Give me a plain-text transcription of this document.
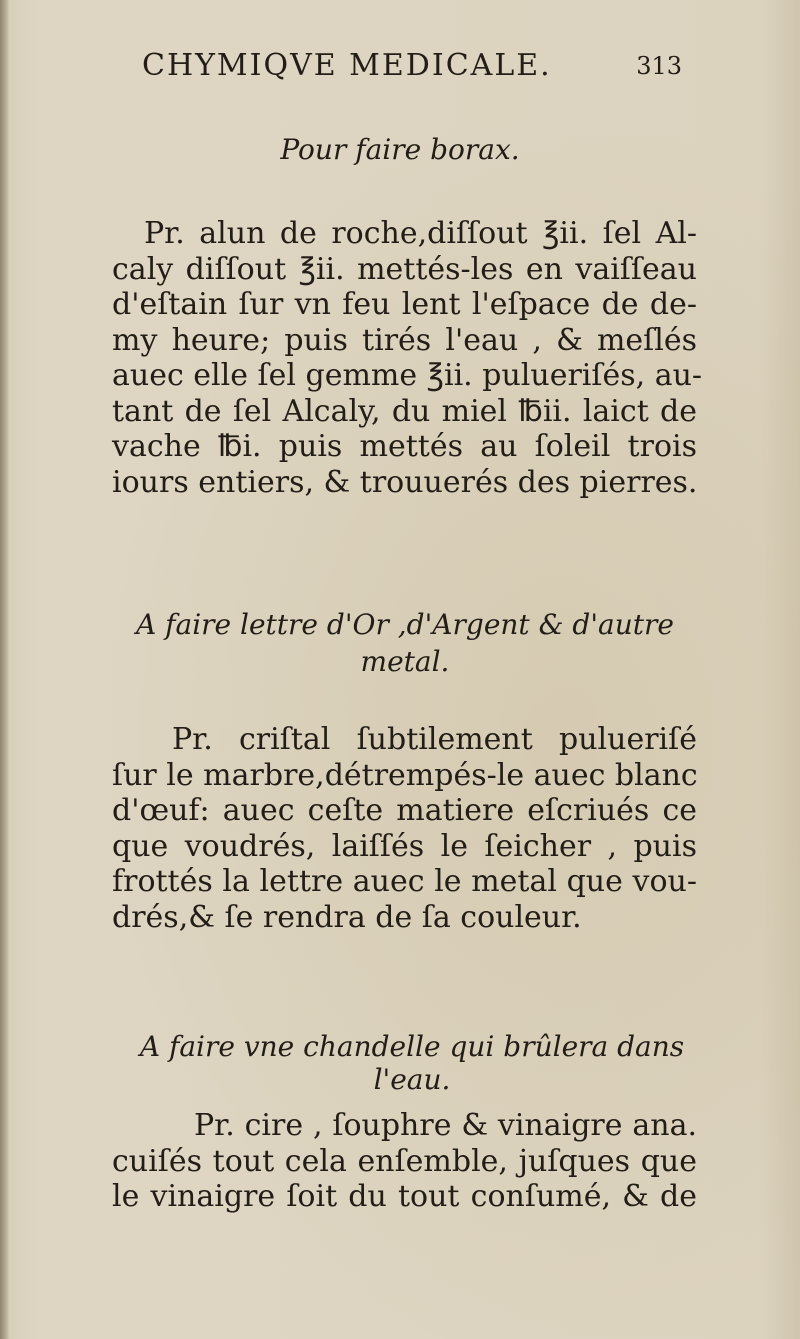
CHYMIQVE MEDICALE.	313
Pour faire borax.
Pr. alun de roche,diſſout ℥ii. ſel Al-
caly diſſout ℥ii. mettés-les en vaiſſeau
d'eſtain ſur vn feu lent l'eſpace de de-
my heure; puis tirés l'eau , & meſlés
auec elle ſel gemme ℥ii. pulueriſés, au-
tant de ſel Alcaly, du miel ℔ii. laict de
vache ℔i. puis mettés au ſoleil trois
iours entiers, & trouuerés des pierres.
A faire lettre d'Or ,d'Argent & d'autre
metal.
Pr. criſtal ſubtilement pulueriſé
ſur le marbre,détrempés-le auec blanc
d'œuf: auec ceſte matiere eſcriués ce
que voudrés, laiſſés le ſeicher , puis
frottés la lettre auec le metal que vou-
drés,& ſe rendra de ſa couleur.
A faire vne chandelle qui brûlera dans l'eau.
Pr. cire , ſouphre & vinaigre ana.
cuiſés tout cela enſemble, juſques que
le vinaigre ſoit du tout conſumé, & de
